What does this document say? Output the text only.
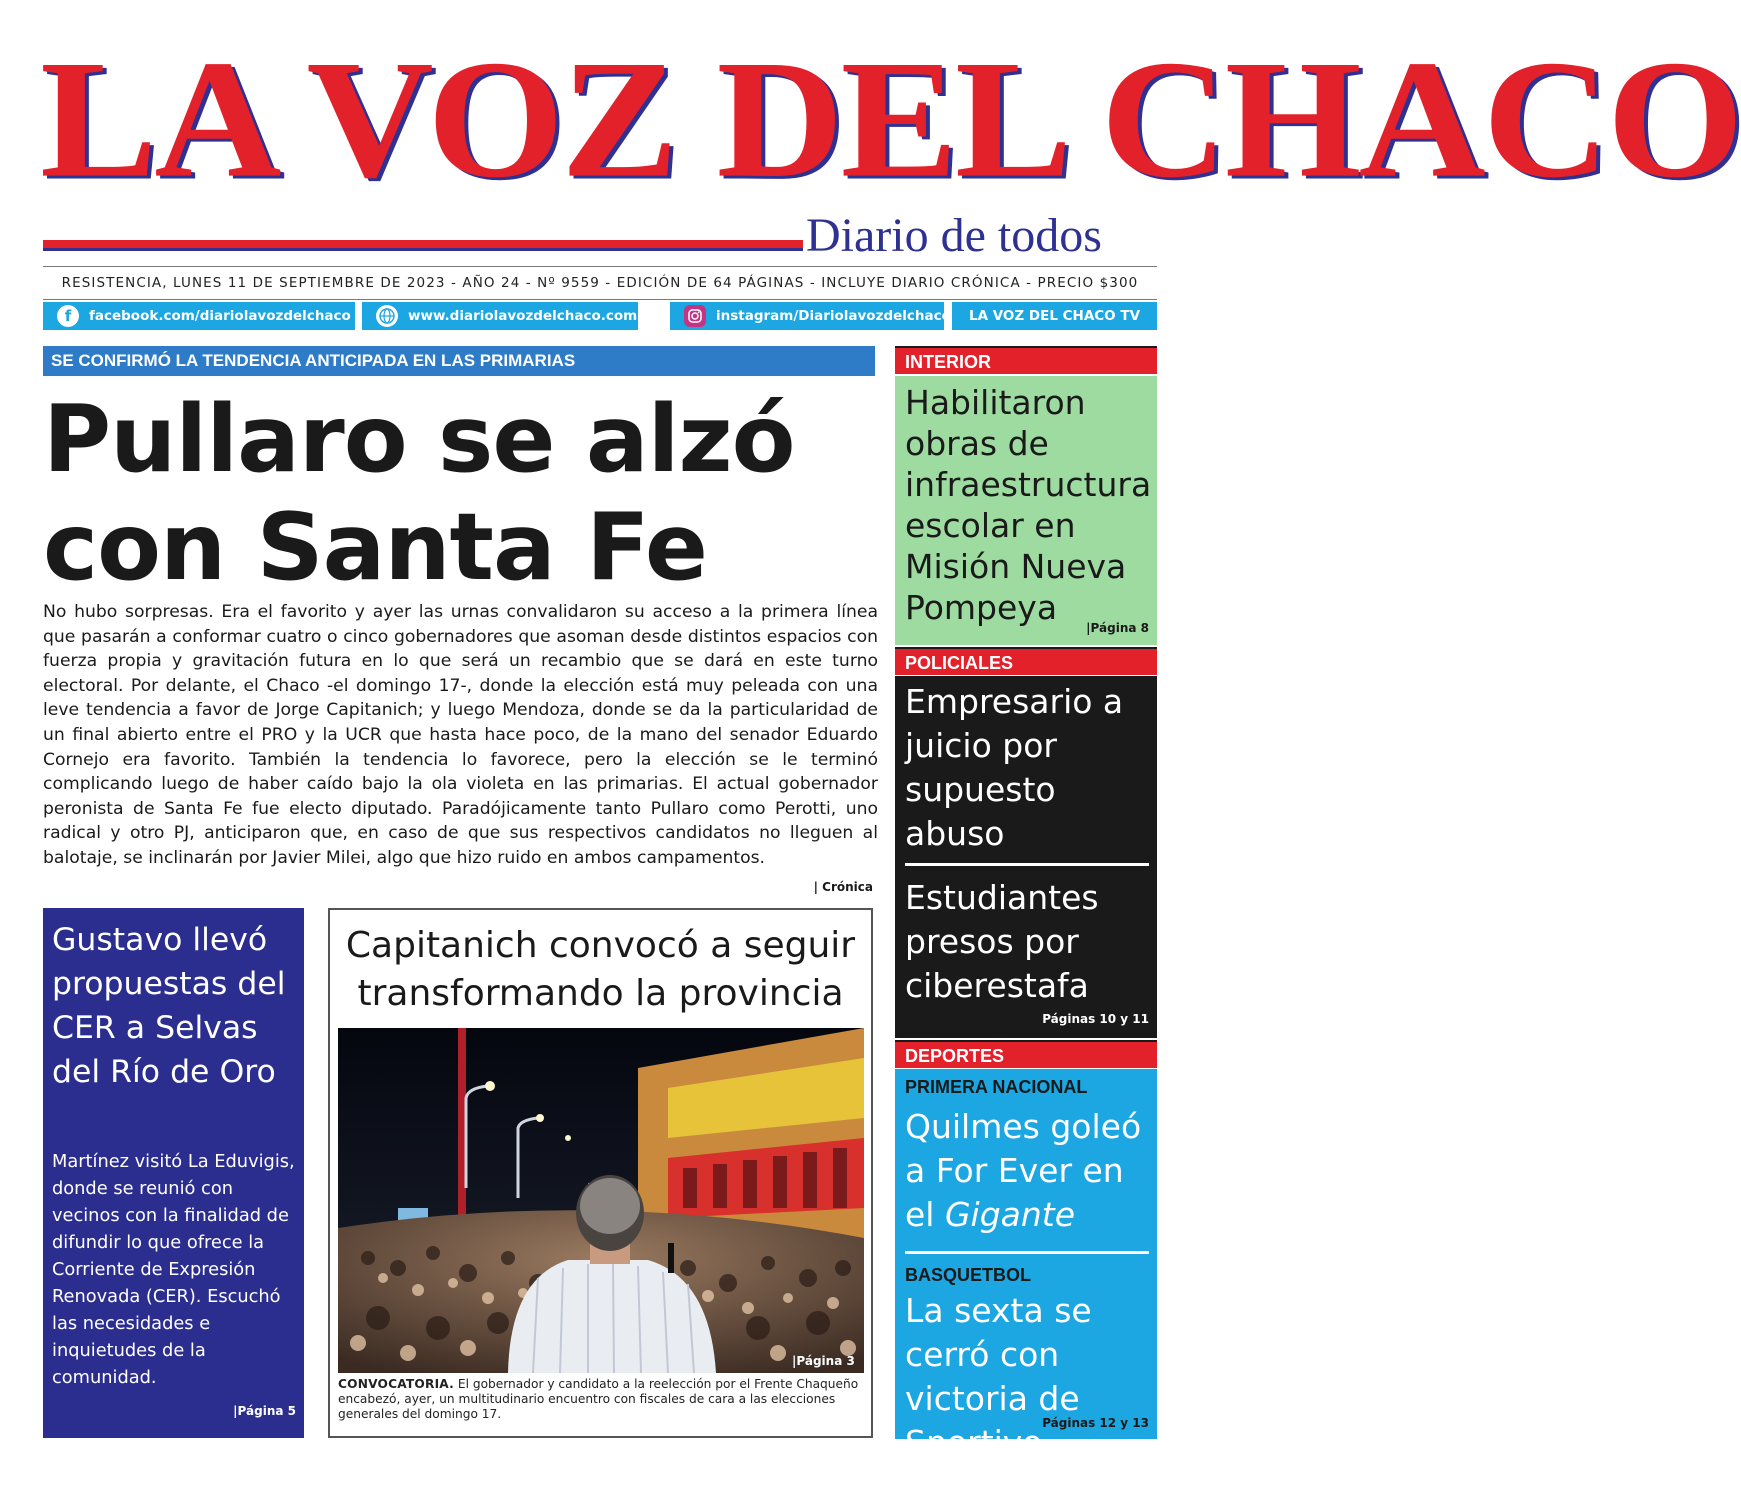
LA VOZ DEL CHACO
Diario de todos
RESISTENCIA, LUNES 11 DE SEPTIEMBRE DE 2023 - AÑO 24 - Nº 9559 - EDICIÓN DE 64 PÁGINAS - INCLUYE DIARIO CRÓNICA - PRECIO $300
f	facebook.com/diariolavozdelchaco	www.diariolavozdelchaco.com	instagram/Diariolavozdelchaco LA VOZ DEL CHACO TV
SE CONFIRMÓ LA TENDENCIA ANTICIPADA EN LAS PRIMARIAS
Pullaro se alzó
con Santa Fe
No hubo sorpresas. Era el favorito y ayer las urnas convalidaron su acceso a la primera línea que pasarán a conformar cuatro o cinco gobernadores que asoman desde distintos espacios con fuerza propia y gravitación futura en lo que será un recambio que se dará en este turno electoral. Por delante, el Chaco -el domingo 17-, donde la elección está muy peleada con una leve tendencia a favor de Jorge Capitanich; y luego Mendoza, donde se da la particularidad de un final abierto entre el PRO y la UCR que hasta hace poco, de la mano del senador Eduardo Cornejo era favorito. También la tendencia lo favorece, pero la elección se le terminó complicando luego de haber caído bajo la ola violeta en las primarias. El actual gobernador peronista de Santa Fe fue electo diputado. Paradójicamente tanto Pullaro como Perotti, uno radical y otro PJ, anticiparon que, en caso de que sus respectivos candidatos no lleguen al balotaje, se inclinarán por Javier Milei, algo que hizo ruido en ambos campamentos.
| Crónica
Gustavo llevó propuestas del CER a Selvas del Río de Oro
Martínez visitó La Eduvigis, donde se reunió con vecinos con la finalidad de difundir lo que ofrece la Corriente de Expresión Renovada (CER). Escuchó las necesidades e inquietudes de la comunidad.
|Página 5
Capitanich convocó a seguir transformando la provincia
|Página 3
CONVOCATORIA. El gobernador y candidato a la reelección por el Frente Chaqueño encabezó, ayer, un multitudinario encuentro con fiscales de cara a las elecciones generales del domingo 17.
INTERIOR
Habilitaron obras de infraestructura escolar en Misión Nueva Pompeya
|Página 8
POLICIALES
Empresario a juicio por supuesto abuso
Estudiantes presos por ciberestafa
Páginas 10 y 11
DEPORTES
PRIMERA NACIONAL
Quilmes goleó a For Ever en el Gigante
BASQUETBOL
La sexta se cerró con victoria de Sportivo Páginas 12 y 13
